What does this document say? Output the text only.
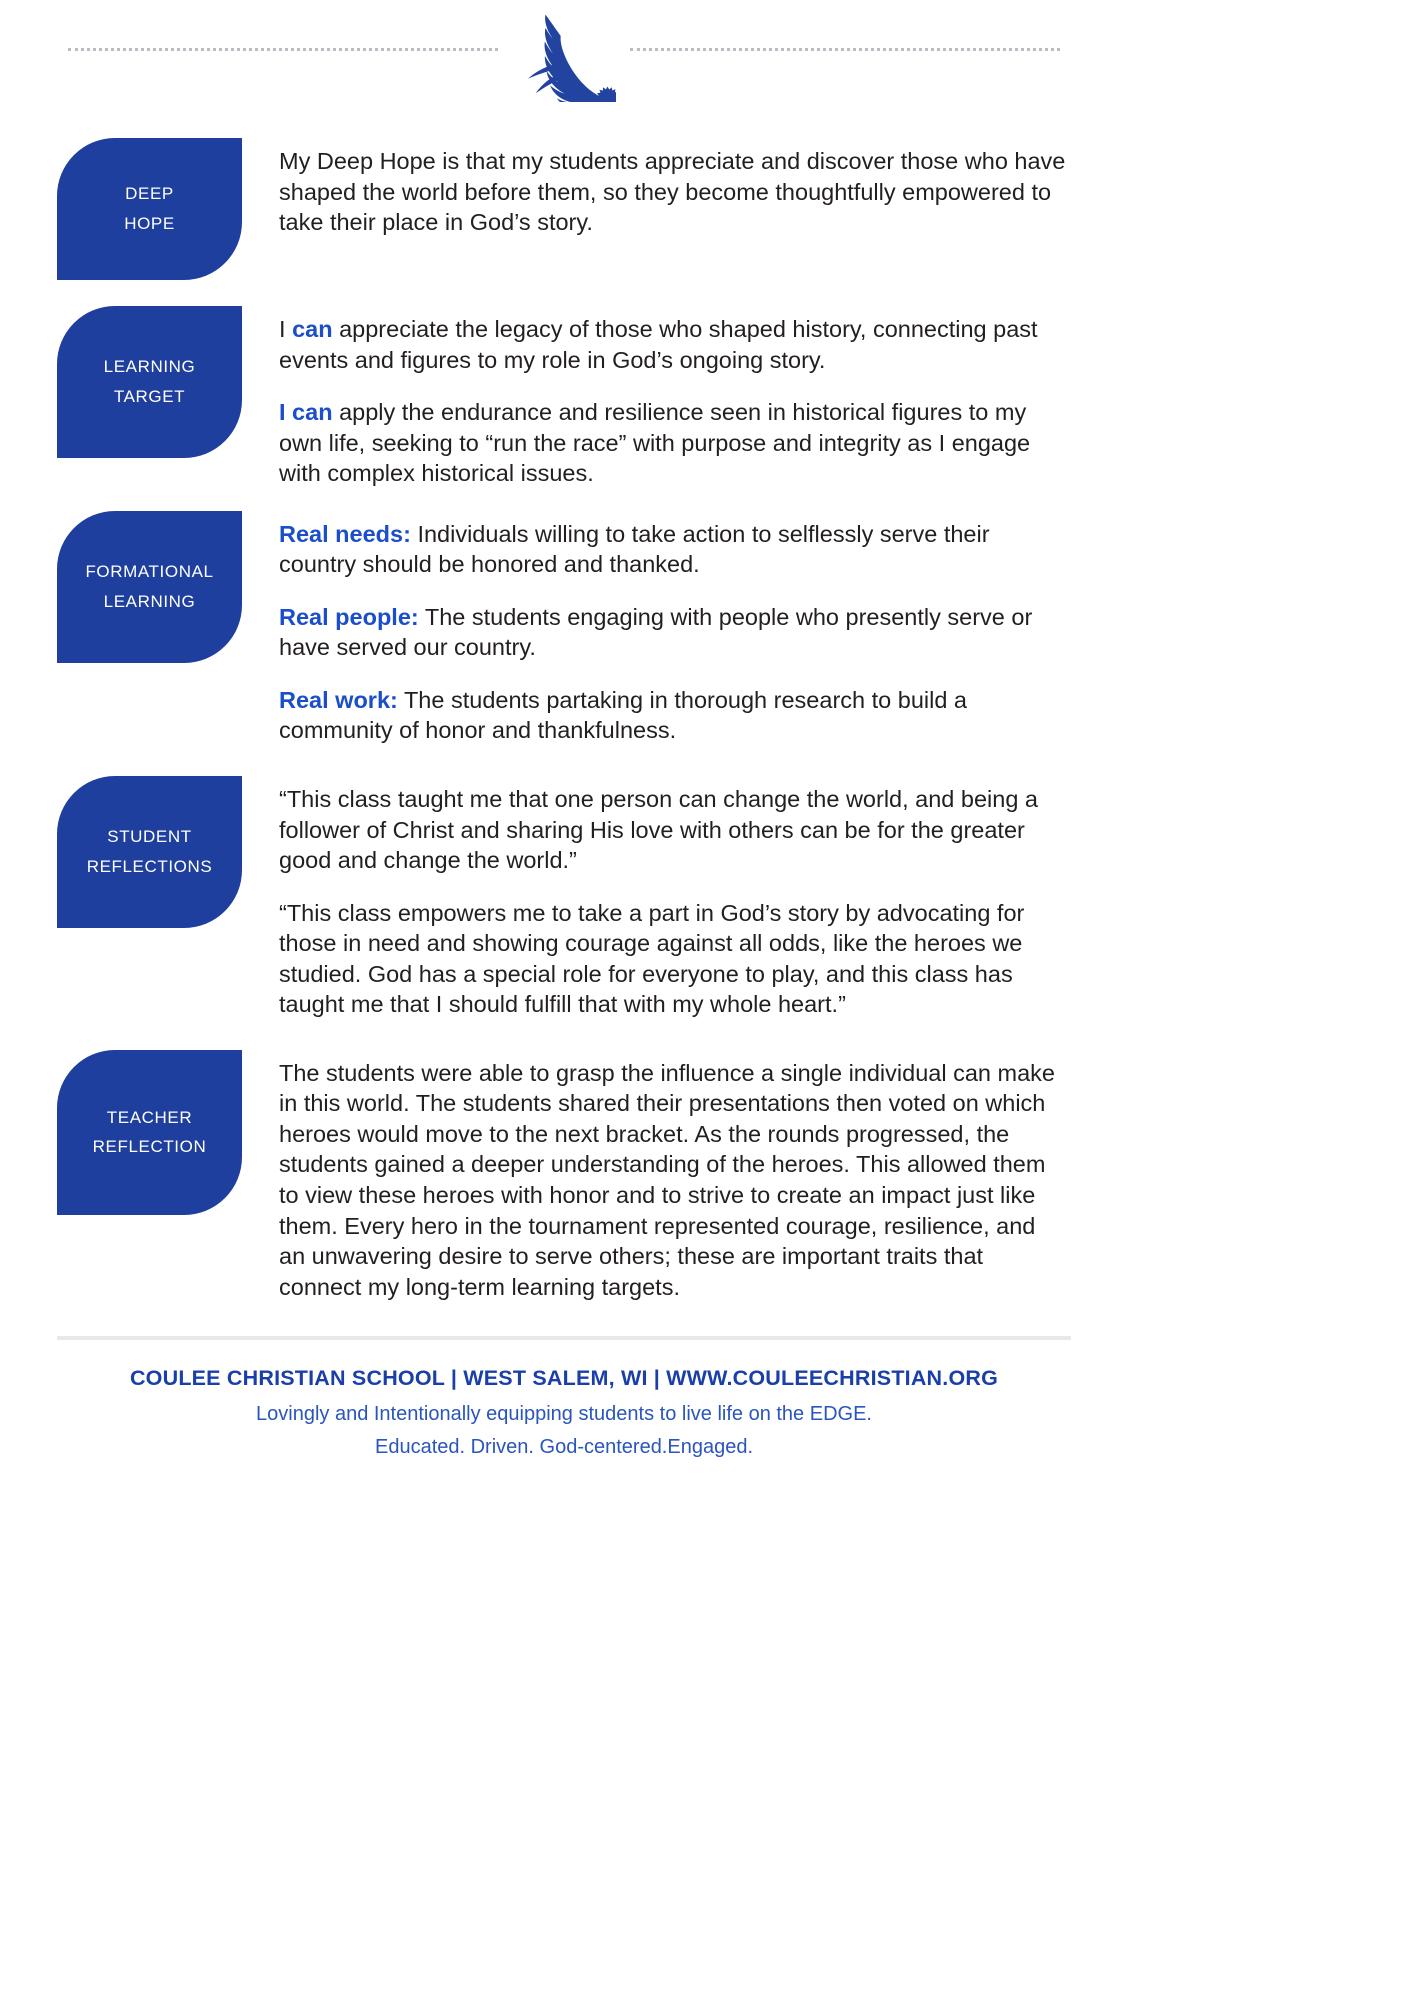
DEEP
HOPE

My Deep Hope is that my students appreciate and discover those who have shaped the world before them, so they become thoughtfully empowered to take their place in God’s story.

LEARNING
TARGET

I can appreciate the legacy of those who shaped history, connecting past events and figures to my role in God’s ongoing story.

I can apply the endurance and resilience seen in historical figures to my own life, seeking to “run the race” with purpose and integrity as I engage with complex historical issues.

FORMATIONAL
LEARNING

Real needs: Individuals willing to take action to selflessly serve their country should be honored and thanked.

Real people: The students engaging with people who presently serve or have served our country.

Real work: The students partaking in thorough research to build a community of honor and thankfulness.

STUDENT
REFLECTIONS

“This class taught me that one person can change the world, and being a follower of Christ and sharing His love with others can be for the greater good and change the world.”

“This class empowers me to take a part in God’s story by advocating for those in need and showing courage against all odds, like the heroes we studied. God has a special role for everyone to play, and this class has taught me that I should fulfill that with my whole heart.”

TEACHER
REFLECTION

The students were able to grasp the influence a single individual can make in this world. The students shared their presentations then voted on which heroes would move to the next bracket. As the rounds progressed, the students gained a deeper understanding of the heroes. This allowed them to view these heroes with honor and to strive to create an impact just like them. Every hero in the tournament represented courage, resilience, and an unwavering desire to serve others; these are important traits that connect my long-term learning targets.

COULEE CHRISTIAN SCHOOL | WEST SALEM, WI | WWW.COULEECHRISTIAN.ORG
Lovingly and Intentionally equipping students to live life on the EDGE.
Educated. Driven. God-centered.Engaged.
